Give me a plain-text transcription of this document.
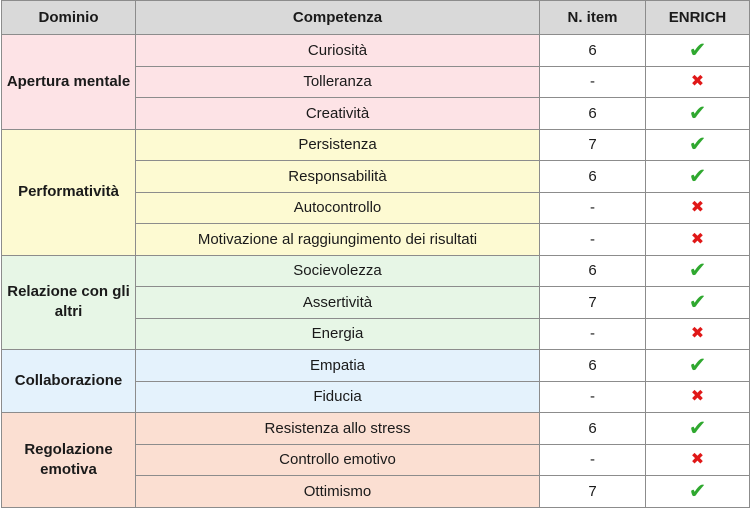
Dominio	Competenza	N. item	ENRICH
Apertura mentale	Curiosità	6	✔
	Tolleranza	-	✖
	Creatività	6	✔
Performatività	Persistenza	7	✔
	Responsabilità	6	✔
	Autocontrollo	-	✖
	Motivazione al raggiungimento dei risultati	-	✖
Relazione con gli altri	Socievolezza	6	✔
	Assertività	7	✔
	Energia	-	✖
Collaborazione	Empatia	6	✔
	Fiducia	-	✖
Regolazione emotiva	Resistenza allo stress	6	✔
	Controllo emotivo	-	✖
	Ottimismo	7	✔
